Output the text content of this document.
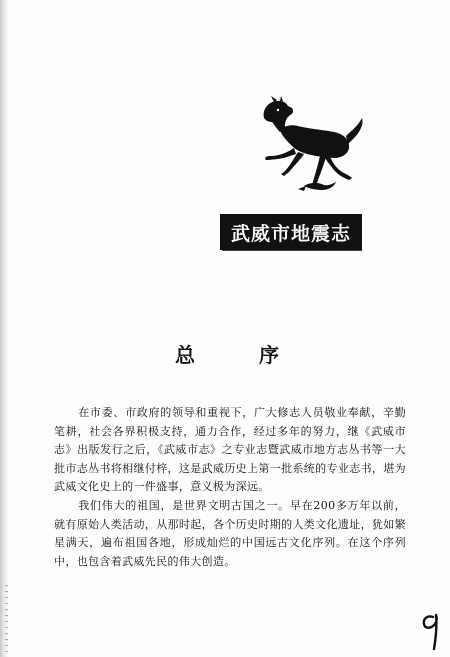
武威市地震志
总	序

在市委、市政府的领导和重视下，广大修志人员敬业奉献，辛勤笔耕，社会各界积极支持，通力合作，经过多年的努力，继《武威市志》出版发行之后，《武威市志》之专业志暨武威市地方志丛书等一大批市志丛书将相继付梓，这是武威历史上第一批系统的专业志书，堪为武威文化史上的一件盛事，意义极为深远。

我们伟大的祖国，是世界文明古国之一。早在200多万年以前，就有原始人类活动，从那时起，各个历史时期的人类文化遗址，犹如繁星满天，遍布祖国各地，形成灿烂的中国远古文化序列。在这个序列中，也包含着武威先民的伟大创造。
